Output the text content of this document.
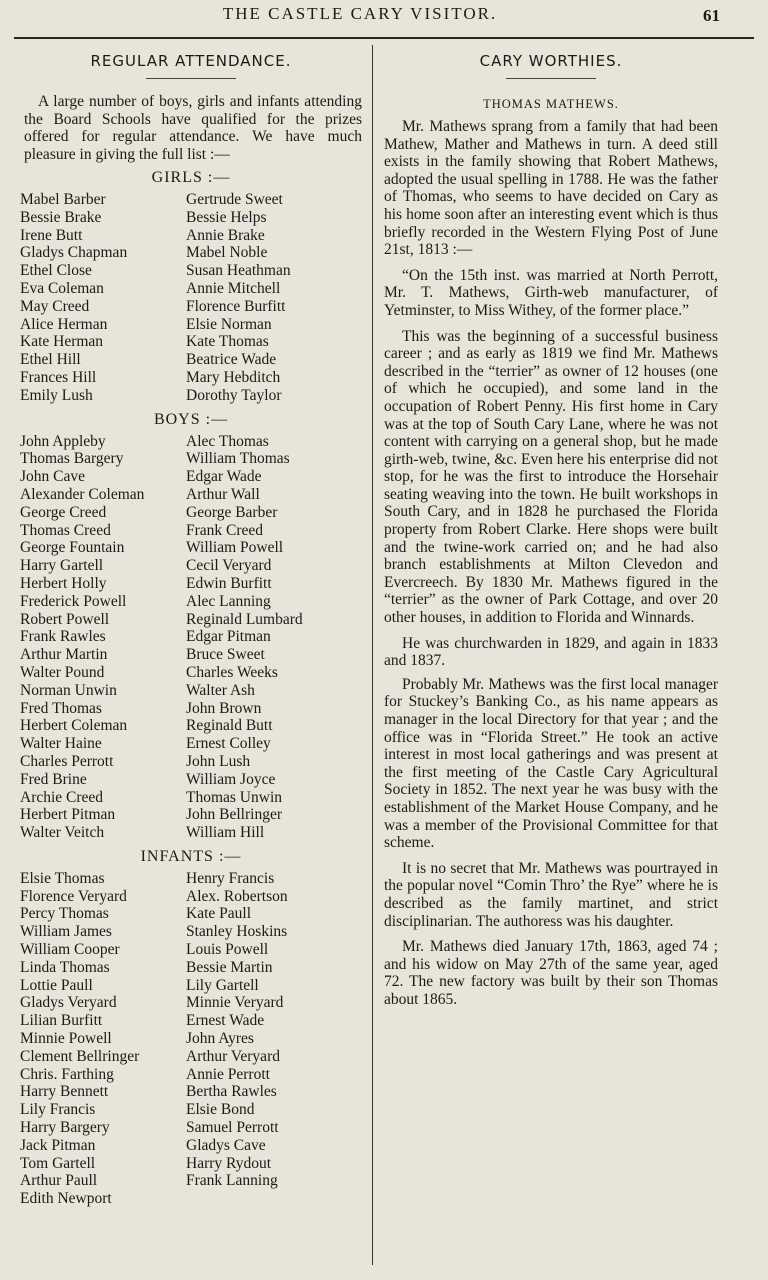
THE CASTLE CARY VISITOR.	61
REGULAR ATTENDANCE.

A large number of boys, girls and infants attending the Board Schools have qualified for the prizes offered for regular attendance. We have much pleasure in giving the full list :—

GIRLS :—
Mabel Barber	Gertrude Sweet
Bessie Brake	Bessie Helps
Irene Butt	Annie Brake
Gladys Chapman	Mabel Noble
Ethel Close	Susan Heathman
Eva Coleman	Annie Mitchell
May Creed	Florence Burfitt
Alice Herman	Elsie Norman
Kate Herman	Kate Thomas
Ethel Hill	Beatrice Wade
Frances Hill	Mary Hebditch
Emily Lush	Dorothy Taylor
BOYS :—
John Appleby	Alec Thomas
Thomas Bargery	William Thomas
John Cave	Edgar Wade
Alexander Coleman	Arthur Wall
George Creed	George Barber
Thomas Creed	Frank Creed
George Fountain	William Powell
Harry Gartell	Cecil Veryard
Herbert Holly	Edwin Burfitt
Frederick Powell	Alec Lanning
Robert Powell	Reginald Lumbard
Frank Rawles	Edgar Pitman
Arthur Martin	Bruce Sweet
Walter Pound	Charles Weeks
Norman Unwin	Walter Ash
Fred Thomas	John Brown
Herbert Coleman	Reginald Butt
Walter Haine	Ernest Colley
Charles Perrott	John Lush
Fred Brine	William Joyce
Archie Creed	Thomas Unwin
Herbert Pitman	John Bellringer
Walter Veitch	William Hill
INFANTS :—
Elsie Thomas	Henry Francis
Florence Veryard	Alex. Robertson
Percy Thomas	Kate Paull
William James	Stanley Hoskins
William Cooper	Louis Powell
Linda Thomas	Bessie Martin
Lottie Paull	Lily Gartell
Gladys Veryard	Minnie Veryard
Lilian Burfitt	Ernest Wade
Minnie Powell	John Ayres
Clement Bellringer	Arthur Veryard
Chris. Farthing	Annie Perrott
Harry Bennett	Bertha Rawles
Lily Francis	Elsie Bond
Harry Bargery	Samuel Perrott
Jack Pitman	Gladys Cave
Tom Gartell	Harry Rydout
Arthur Paull	Frank Lanning
Edith Newport
CARY WORTHIES.
THOMAS MATHEWS.

Mr. Mathews sprang from a family that had been Mathew, Mather and Mathews in turn. A deed still exists in the family showing that Robert Mathews, adopted the usual spelling in 1788. He was the father of Thomas, who seems to have decided on Cary as his home soon after an interesting event which is thus briefly recorded in the Western Flying Post of June 21st, 1813 :—

“On the 15th inst. was married at North Perrott, Mr. T. Mathews, Girth-web manufacturer, of Yetminster, to Miss Withey, of the former place.”

This was the beginning of a successful business career ; and as early as 1819 we find Mr. Mathews described in the “terrier” as owner of 12 houses (one of which he occupied), and some land in the occupation of Robert Penny. His first home in Cary was at the top of South Cary Lane, where he was not content with carrying on a general shop, but he made girth-web, twine, &c. Even here his enterprise did not stop, for he was the first to introduce the Horsehair seating weaving into the town. He built workshops in South Cary, and in 1828 he purchased the Florida property from Robert Clarke. Here shops were built and the twine-work carried on; and he had also branch establishments at Milton Clevedon and Evercreech. By 1830 Mr. Mathews figured in the “terrier” as the owner of Park Cottage, and over 20 other houses, in addition to Florida and Winnards.

He was churchwarden in 1829, and again in 1833 and 1837.

Probably Mr. Mathews was the first local manager for Stuckey’s Banking Co., as his name appears as manager in the local Directory for that year ; and the office was in “Florida Street.” He took an active interest in most local gatherings and was present at the first meeting of the Castle Cary Agricultural Society in 1852. The next year he was busy with the establishment of the Market House Company, and he was a member of the Provisional Committee for that scheme.

It is no secret that Mr. Mathews was pourtrayed in the popular novel “Comin Thro’ the Rye” where he is described as the family martinet, and strict disciplinarian. The authoress was his daughter.

Mr. Mathews died January 17th, 1863, aged 74 ; and his widow on May 27th of the same year, aged 72. The new factory was built by their son Thomas about 1865.
